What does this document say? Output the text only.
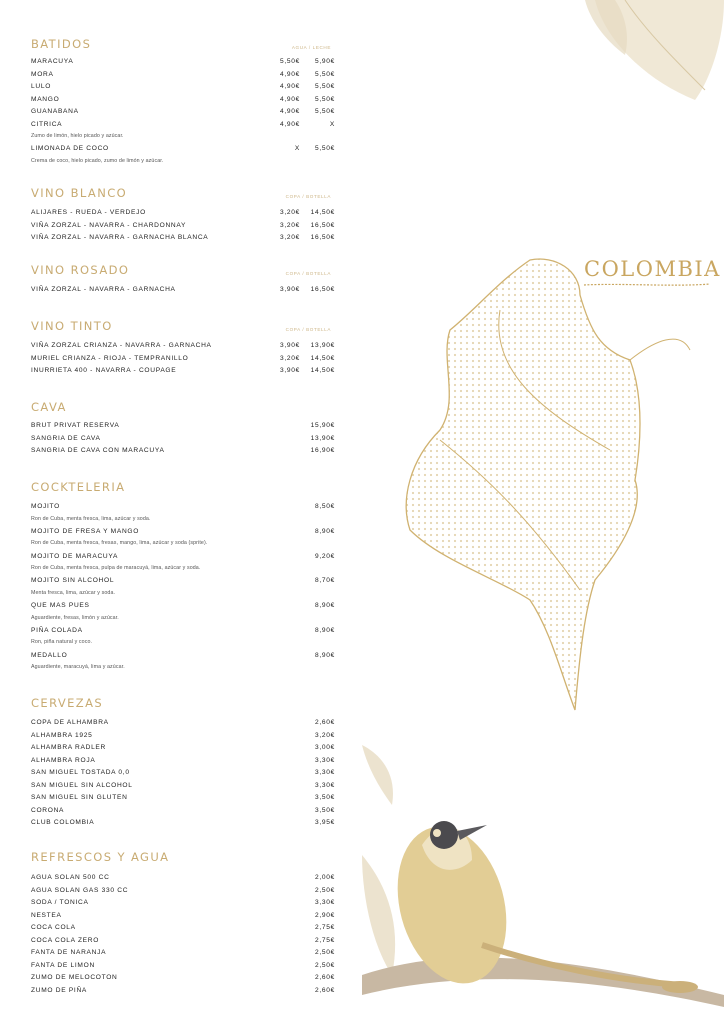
COLOMBIA
BATIDOS	AGUA / LECHE
MARACUYA	5,50€	5,90€
MORA	4,90€	5,50€
LULO	4,90€	5,50€
MANGO	4,90€	5,50€
GUANABANA	4,90€	5,50€
CITRICA	4,90€	X
Zumo de limón, hielo picado y azúcar.
LIMONADA DE COCO	X	5,50€
Crema de coco, hielo picado, zumo de limón y azúcar.
VINO BLANCO	COPA / BOTELLA
ALIJARES - RUEDA - VERDEJO	3,20€	14,50€
VIÑA ZORZAL - NAVARRA - CHARDONNAY	3,20€	16,50€
VIÑA ZORZAL - NAVARRA - GARNACHA BLANCA	3,20€	16,50€
VINO ROSADO	COPA / BOTELLA
VIÑA ZORZAL - NAVARRA - GARNACHA	3,90€	16,50€
VINO TINTO	COPA / BOTELLA
VIÑA ZORZAL CRIANZA - NAVARRA - GARNACHA	3,90€	13,90€
MURIEL CRIANZA - RIOJA - TEMPRANILLO	3,20€	14,50€
INURRIETA 400 - NAVARRA - COUPAGE	3,90€	14,50€
CAVA
BRUT PRIVAT RESERVA	15,90€
SANGRIA DE CAVA	13,90€
SANGRIA DE CAVA CON MARACUYA	16,90€
COCKTELERIA
MOJITO	8,50€
Ron de Cuba, menta fresca, lima, azúcar y soda.
MOJITO DE FRESA Y MANGO	8,90€
Ron de Cuba, menta fresca, fresas, mango, lima, azúcar y soda (sprite).
MOJITO DE MARACUYA	9,20€
Ron de Cuba, menta fresca, pulpa de maracuyá, lima, azúcar y soda.
MOJITO SIN ALCOHOL	8,70€
Menta fresca, lima, azúcar y soda.
QUE MAS PUES	8,90€
Aguardiente, fresas, limón y azúcar.
PIÑA COLADA	8,90€
Ron, piña natural y coco.
MEDALLO	8,90€
Aguardiente, maracuyá, lima y azúcar.
CERVEZAS
COPA DE ALHAMBRA	2,60€
ALHAMBRA 1925	3,20€
ALHAMBRA RADLER	3,00€
ALHAMBRA ROJA	3,30€
SAN MIGUEL TOSTADA 0,0	3,30€
SAN MIGUEL SIN ALCOHOL	3,30€
SAN MIGUEL SIN GLUTEN	3,50€
CORONA	3,50€
CLUB COLOMBIA	3,95€
REFRESCOS Y AGUA
AGUA SOLAN 500 CC	2,00€
AGUA SOLAN GAS 330 CC	2,50€
SODA / TONICA	3,30€
NESTEA	2,90€
COCA COLA	2,75€
COCA COLA ZERO	2,75€
FANTA DE NARANJA	2,50€
FANTA DE LIMON	2,50€
ZUMO DE MELOCOTON	2,60€
ZUMO DE PIÑA	2,60€
